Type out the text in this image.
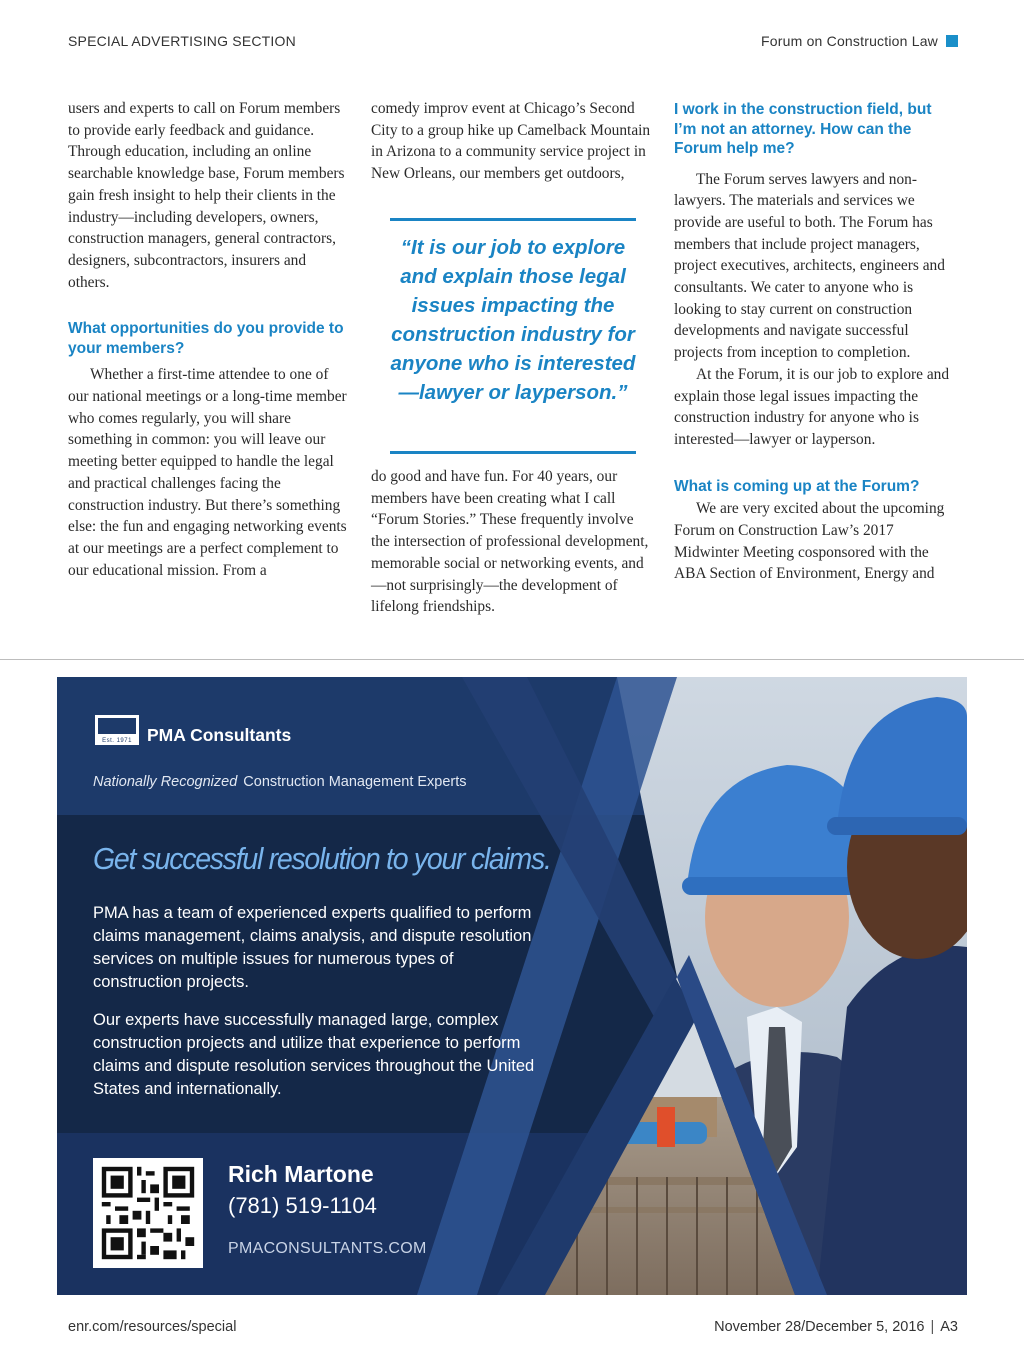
SPECIAL ADVERTISING SECTION	Forum on Construction Law

users and experts to call on Forum members to provide early feedback and guidance. Through education, including an online searchable knowledge base, Forum members gain fresh insight to help their clients in the industry—including developers, owners, construction managers, general contractors, designers, subcontractors, insurers and others.

What opportunities do you provide to your members?

Whether a first-time attendee to one of our national meetings or a long-time member who comes regularly, you will share something in common: you will leave our meeting better equipped to handle the legal and practical challenges facing the construction industry. But there’s something else: the fun and engaging networking events at our meetings are a perfect complement to our educational mission. From a

comedy improv event at Chicago’s Second City to a group hike up Camelback Mountain in Arizona to a community service project in New Orleans, our members get outdoors,

“It is our job to explore and explain those legal issues impacting the construction industry for anyone who is interested—lawyer or layperson.”

do good and have fun. For 40 years, our members have been creating what I call “Forum Stories.” These frequently involve the intersection of professional development, memorable social or networking events, and—not surprisingly—the development of lifelong friendships.

I work in the construction field, but I’m not an attorney. How can the Forum help me?

The Forum serves lawyers and non-lawyers. The materials and services we provide are useful to both. The Forum has members that include project managers, project executives, architects, engineers and consultants. We cater to anyone who is looking to stay current on construction developments and navigate successful projects from inception to completion.

At the Forum, it is our job to explore and explain those legal issues impacting the construction industry for anyone who is interested—lawyer or layperson.

What is coming up at the Forum?

We are very excited about the upcoming Forum on Construction Law’s 2017 Midwinter Meeting cosponsored with the ABA Section of Environment, Energy and

Est. 1971 PMA Consultants
Nationally Recognized Construction Management Experts
Get successful resolution to your claims.

PMA has a team of experienced experts qualified to perform claims management, claims analysis, and dispute resolution services on multiple issues for numerous types of construction projects.

Our experts have successfully managed large, complex construction projects and utilize that experience to perform claims and dispute resolution services throughout the United States and internationally.

Rich Martone
(781) 519-1104
PMACONSULTANTS.COM
enr.com/resources/special	November 28/December 5, 2016 | A3
